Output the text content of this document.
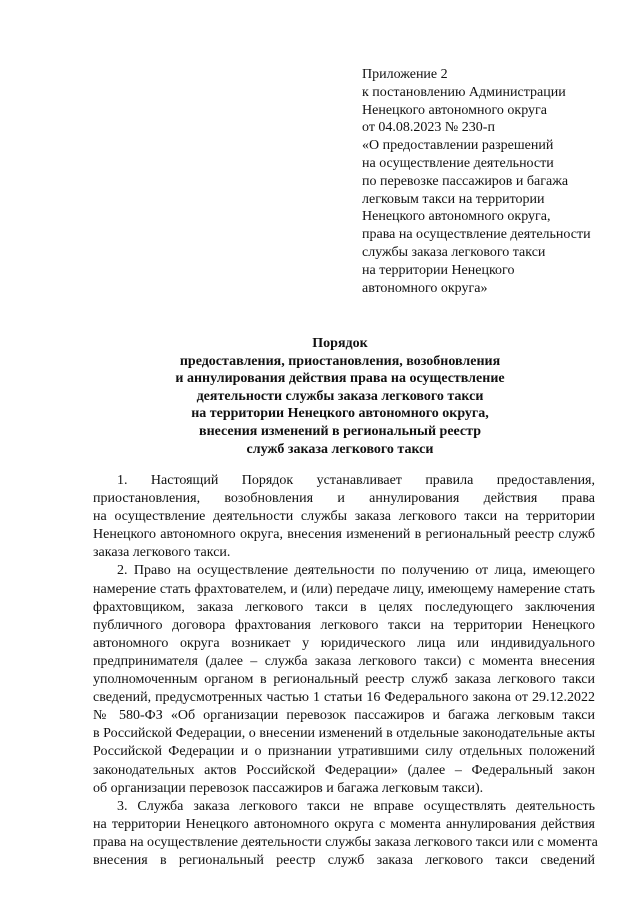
Приложение 2
к постановлению Администрации
Ненецкого автономного округа
от 04.08.2023 № 230-п
«О предоставлении разрешений
на осуществление деятельности
по перевозке пассажиров и багажа
легковым такси на территории
Ненецкого автономного округа,
права на осуществление деятельности
службы заказа легкового такси
на территории Ненецкого
автономного округа»
Порядок
предоставления, приостановления, возобновления
и аннулирования действия права на осуществление
деятельности службы заказа легкового такси
на территории Ненецкого автономного округа,
внесения изменений в региональный реестр
служб заказа легкового такси
1. Настоящий Порядок устанавливает правила предоставления,
приостановления, возобновления и аннулирования действия права
на осуществление деятельности службы заказа легкового такси на территории
Ненецкого автономного округа, внесения изменений в региональный реестр служб
заказа легкового такси.
2. Право на осуществление деятельности по получению от лица, имеющего
намерение стать фрахтователем, и (или) передаче лицу, имеющему намерение стать
фрахтовщиком, заказа легкового такси в целях последующего заключения
публичного договора фрахтования легкового такси на территории Ненецкого
автономного округа возникает у юридического лица или индивидуального
предпринимателя (далее – служба заказа легкового такси) с момента внесения
уполномоченным органом в региональный реестр служб заказа легкового такси
сведений, предусмотренных частью 1 статьи 16 Федерального закона от 29.12.2022
№ 580-ФЗ «Об организации перевозок пассажиров и багажа легковым такси
в Российской Федерации, о внесении изменений в отдельные законодательные акты
Российской Федерации и о признании утратившими силу отдельных положений
законодательных актов Российской Федерации» (далее – Федеральный закон
об организации перевозок пассажиров и багажа легковым такси).
3. Служба заказа легкового такси не вправе осуществлять деятельность
на территории Ненецкого автономного округа с момента аннулирования действия
права на осуществление деятельности службы заказа легкового такси или с момента
внесения в региональный реестр служб заказа легкового такси сведений
